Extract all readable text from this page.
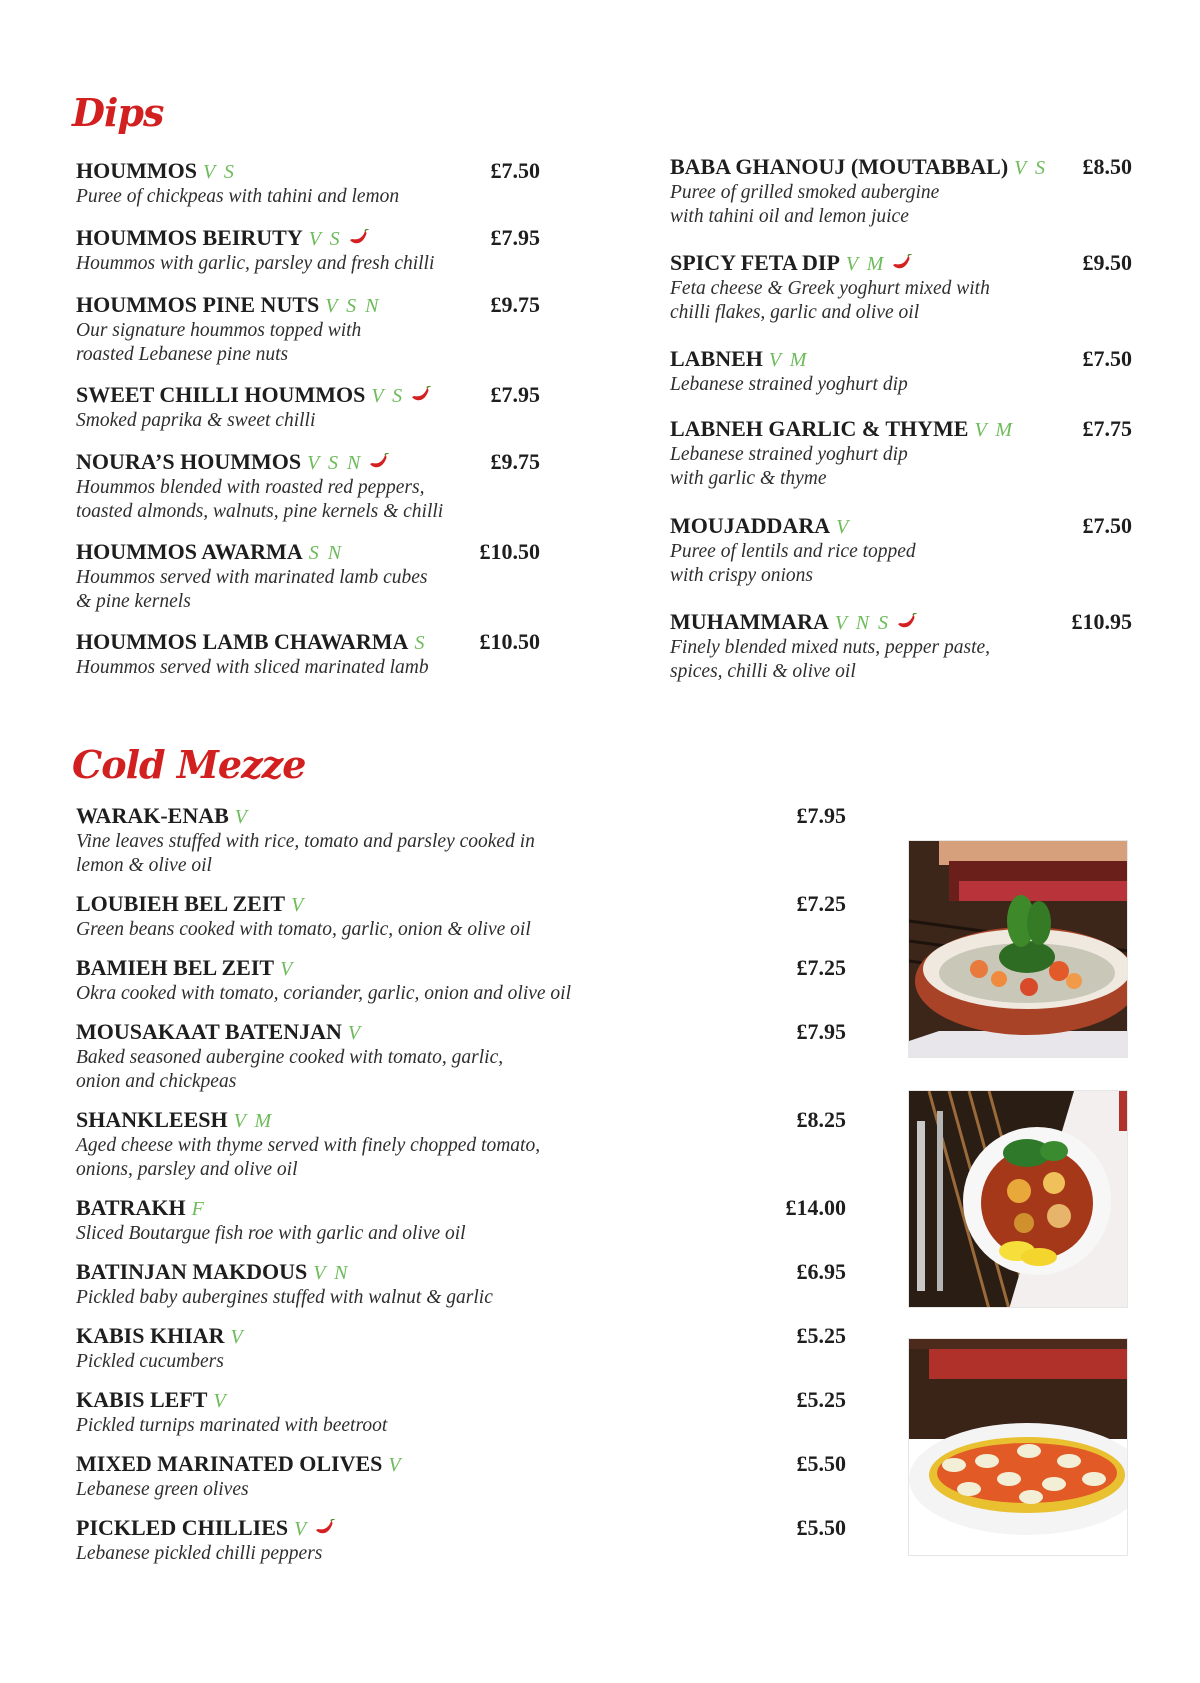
Dips
Cold Mezze
HOUMMOS V S
Puree of chickpeas with tahini and lemon
£7.50
HOUMMOS BEIRUTY V S
Hoummos with garlic, parsley and fresh chilli
£7.95
HOUMMOS PINE NUTS V S N
Our signature hoummos topped with
roasted Lebanese pine nuts
£9.75
SWEET CHILLI HOUMMOS V S
Smoked paprika & sweet chilli
£7.95
NOURA’S HOUMMOS V S N
Hoummos blended with roasted red peppers,
toasted almonds, walnuts, pine kernels & chilli
£9.75
HOUMMOS AWARMA S N
Hoummos served with marinated lamb cubes
& pine kernels
£10.50
HOUMMOS LAMB CHAWARMA S
Hoummos served with sliced marinated lamb
£10.50
BABA GHANOUJ (MOUTABBAL) V S
Puree of grilled smoked aubergine
with tahini oil and lemon juice
£8.50
SPICY FETA DIP V M
Feta cheese & Greek yoghurt mixed with
chilli flakes, garlic and olive oil
£9.50
LABNEH V M
Lebanese strained yoghurt dip
£7.50
LABNEH GARLIC & THYME V M
Lebanese strained yoghurt dip
with garlic & thyme
£7.75
MOUJADDARA V
Puree of lentils and rice topped
with crispy onions
£7.50
MUHAMMARA V N S
Finely blended mixed nuts, pepper paste,
spices, chilli & olive oil
£10.95
WARAK-ENAB V
Vine leaves stuffed with rice, tomato and parsley cooked in
lemon & olive oil
£7.95
LOUBIEH BEL ZEIT V
Green beans cooked with tomato, garlic, onion & olive oil
£7.25
BAMIEH BEL ZEIT V
Okra cooked with tomato, coriander, garlic, onion and olive oil
£7.25
MOUSAKAAT BATENJAN V
Baked seasoned aubergine cooked with tomato, garlic,
onion and chickpeas
£7.95
SHANKLEESH V M
Aged cheese with thyme served with finely chopped tomato,
onions, parsley and olive oil
£8.25
BATRAKH F
Sliced Boutargue fish roe with garlic and olive oil
£14.00
BATINJAN MAKDOUS V N
Pickled baby aubergines stuffed with walnut & garlic
£6.95
KABIS KHIAR V
Pickled cucumbers
£5.25
KABIS LEFT V
Pickled turnips marinated with beetroot
£5.25
MIXED MARINATED OLIVES V
Lebanese green olives
£5.50
PICKLED CHILLIES V
Lebanese pickled chilli peppers
£5.50
